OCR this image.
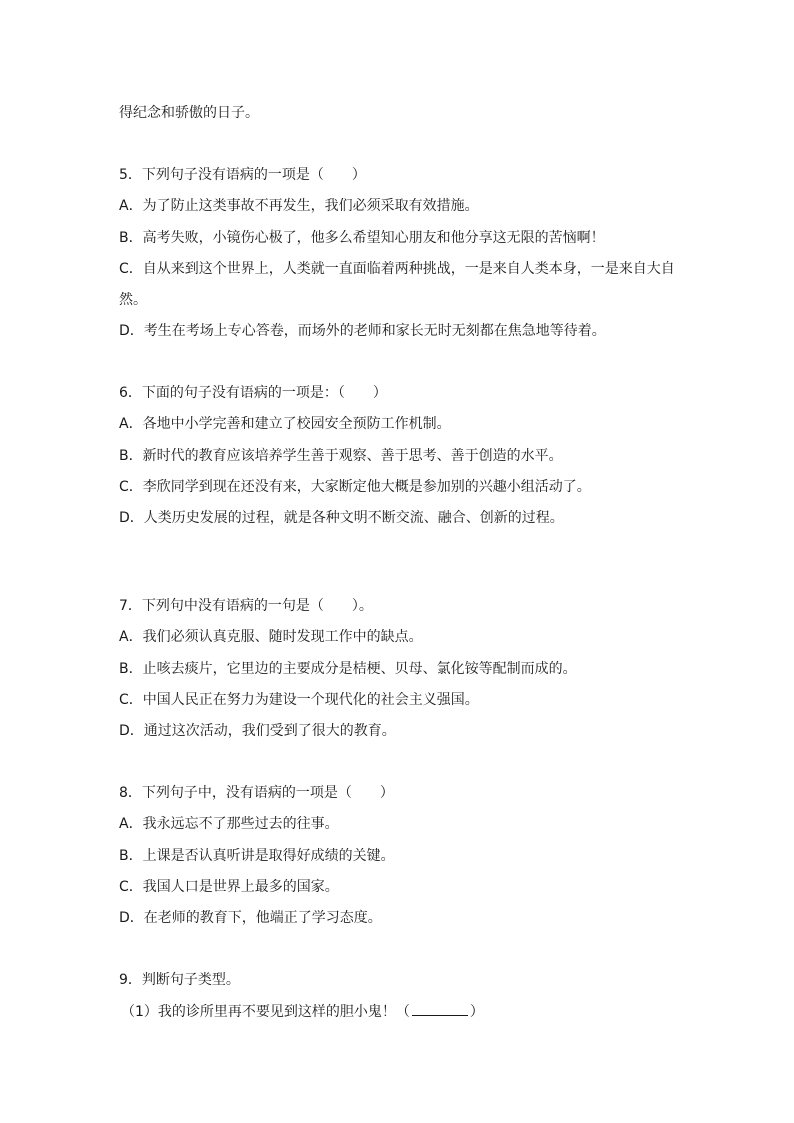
得纪念和骄傲的日子。
5．下列句子没有语病的一项是（　　）
A．为了防止这类事故不再发生，我们必须采取有效措施。
B．高考失败，小镜伤心极了，他多么希望知心朋友和他分享这无限的苦恼啊！
C．自从来到这个世界上，人类就一直面临着两种挑战，一是来自人类本身，一是来自大自
然。
D．考生在考场上专心答卷，而场外的老师和家长无时无刻都在焦急地等待着。
6．下面的句子没有语病的一项是：（　　）
A．各地中小学完善和建立了校园安全预防工作机制。
B．新时代的教育应该培养学生善于观察、善于思考、善于创造的水平。
C．李欣同学到现在还没有来，大家断定他大概是参加别的兴趣小组活动了。
D．人类历史发展的过程，就是各种文明不断交流、融合、创新的过程。
7．下列句中没有语病的一句是（　　）。
A．我们必须认真克服、随时发现工作中的缺点。
B．止咳去痰片，它里边的主要成分是桔梗、贝母、氯化铵等配制而成的。
C．中国人民正在努力为建设一个现代化的社会主义强国。
D．通过这次活动，我们受到了很大的教育。
8．下列句子中，没有语病的一项是（　　）
A．我永远忘不了那些过去的往事。
B．上课是否认真听讲是取得好成绩的关键。
C．我国人口是世界上最多的国家。
D．在老师的教育下，他端正了学习态度。
9．判断句子类型。
（1）我的诊所里再不要见到这样的胆小鬼！（	）
